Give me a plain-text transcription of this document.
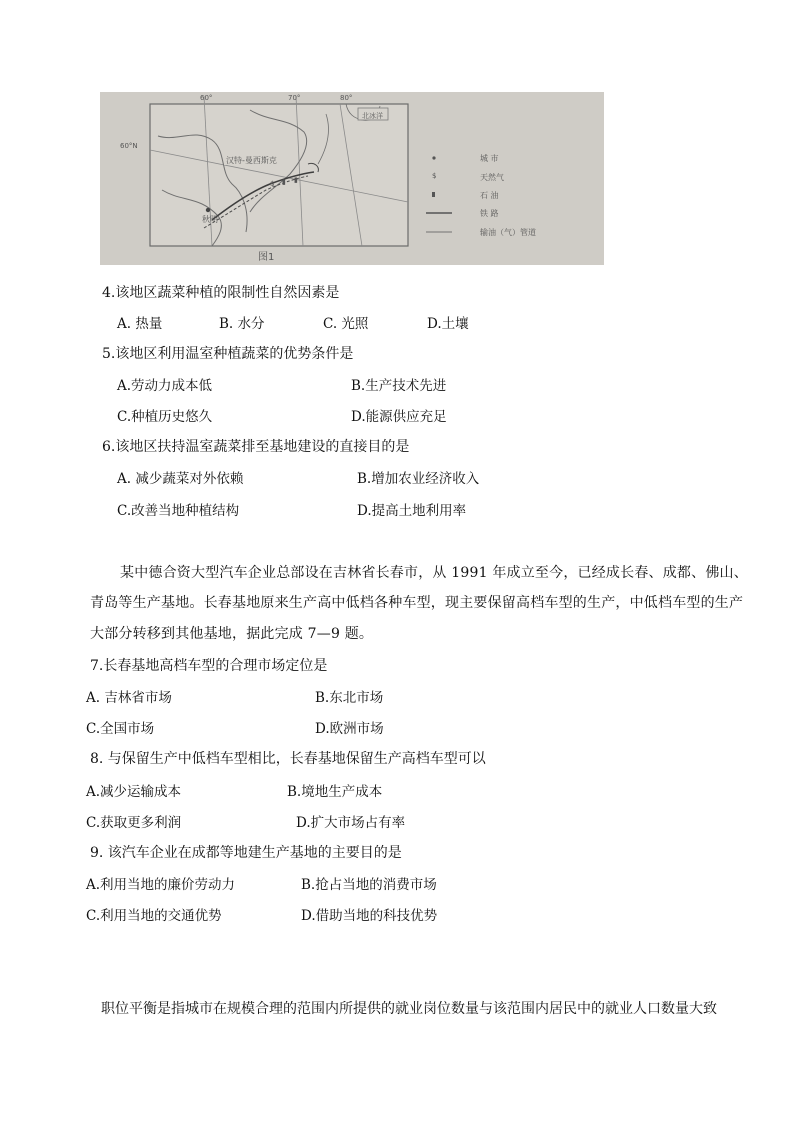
北冰洋
60°	70°	80°
60°N
汉特-曼西斯克
秋明
$ ▮ ▮
城 市
$	天然气
石 油
铁 路
输油（气）管道
图1
4.该地区蔬菜种植的限制性自然因素是
A. 热量	B. 水分	C. 光照	D.土壤
5.该地区利用温室种植蔬菜的优势条件是
A.劳动力成本低	B.生产技术先进
C.种植历史悠久	D.能源供应充足
6.该地区扶持温室蔬菜排至基地建设的直接目的是
A. 减少蔬菜对外依赖	B.增加农业经济收入
C.改善当地种植结构	D.提高土地利用率
某中德合资大型汽车企业总部设在吉林省长春市，从 1991 年成立至今，已经成长春、成都、佛山、
青岛等生产基地。长春基地原来生产高中低档各种车型，现主要保留高档车型的生产，中低档车型的生产
大部分转移到其他基地，据此完成 7—9 题。
7.长春基地高档车型的合理市场定位是
A. 吉林省市场	B.东北市场
C.全国市场	D.欧洲市场
8. 与保留生产中低档车型相比，长春基地保留生产高档车型可以
A.减少运输成本	B.境地生产成本
C.获取更多利润	D.扩大市场占有率
9. 该汽车企业在成都等地建生产基地的主要目的是
A.利用当地的廉价劳动力	B.抢占当地的消费市场
C.利用当地的交通优势	D.借助当地的科技优势
职位平衡是指城市在规模合理的范围内所提供的就业岗位数量与该范围内居民中的就业人口数量大致
